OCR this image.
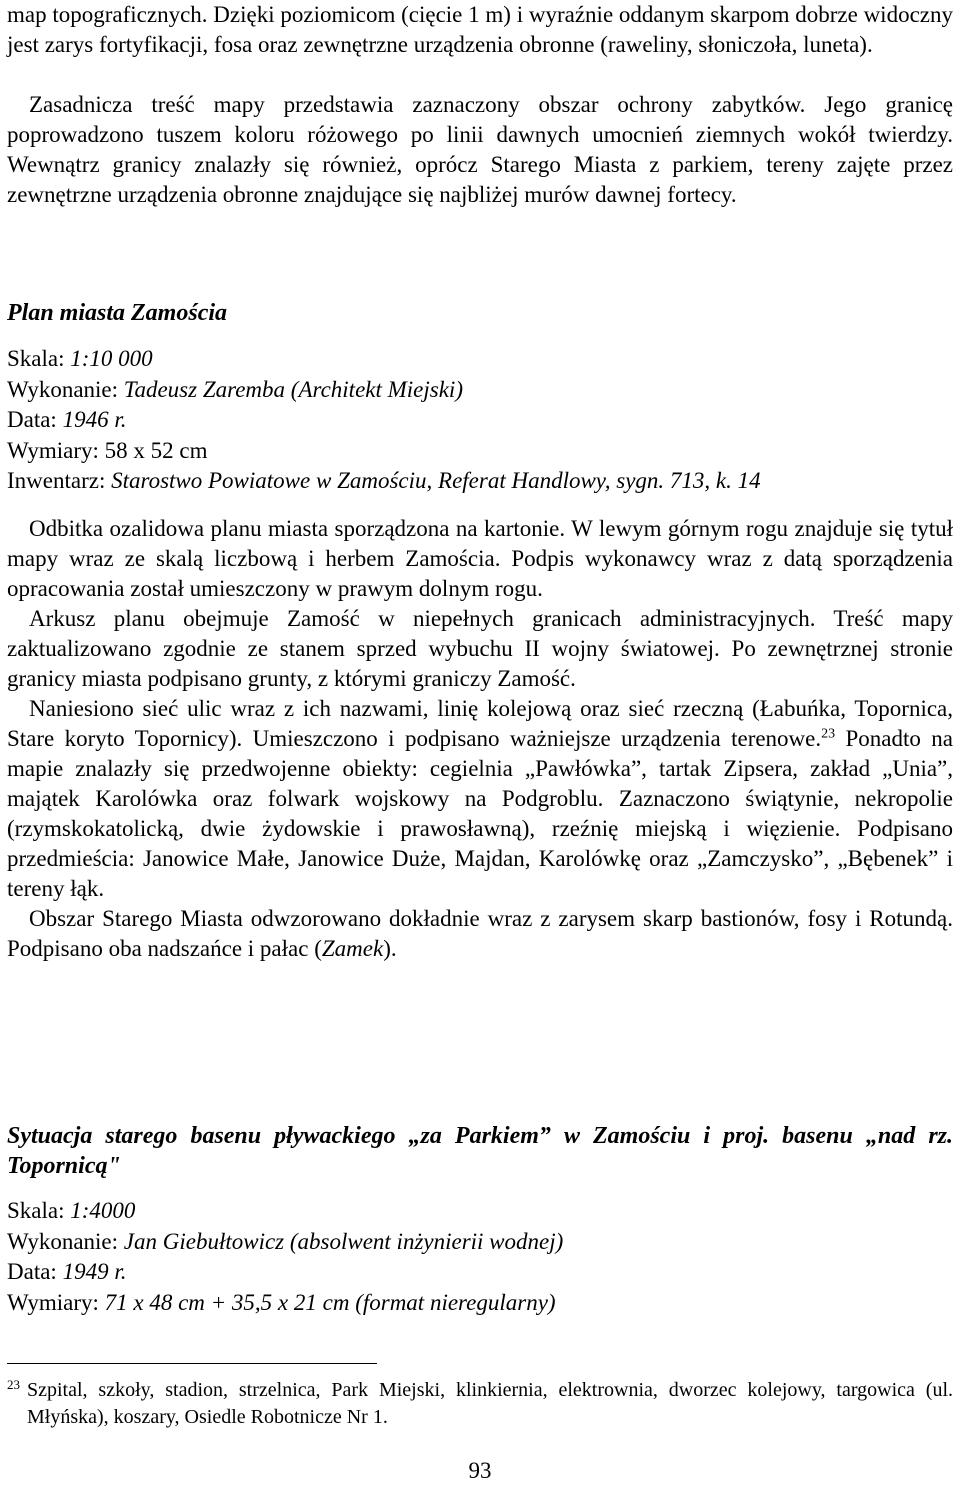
map topograficznych. Dzięki poziomicom (cięcie 1 m) i wyraźnie oddanym skarpom dobrze widoczny jest zarys fortyfikacji, fosa oraz zewnętrzne urządzenia obronne (raweliny, słoniczoła, luneta).

Zasadnicza treść mapy przedstawia zaznaczony obszar ochrony zabytków. Jego granicę poprowadzono tuszem koloru różowego po linii dawnych umocnień ziemnych wokół twierdzy. Wewnątrz granicy znalazły się również, oprócz Starego Miasta z parkiem, tereny zajęte przez zewnętrzne urządzenia obronne znajdujące się najbliżej murów dawnej fortecy.

Plan miasta Zamościa

Skala: 1:10 000

Wykonanie: Tadeusz Zaremba (Architekt Miejski)

Data: 1946 r.

Wymiary: 58 x 52 cm

Inwentarz: Starostwo Powiatowe w Zamościu, Referat Handlowy, sygn. 713, k. 14

Odbitka ozalidowa planu miasta sporządzona na kartonie. W lewym górnym rogu znajduje się tytuł mapy wraz ze skalą liczbową i herbem Zamościa. Podpis wykonawcy wraz z datą sporządzenia opracowania został umieszczony w prawym dolnym rogu.

Arkusz planu obejmuje Zamość w niepełnych granicach administracyjnych. Treść mapy zaktualizowano zgodnie ze stanem sprzed wybuchu II wojny światowej. Po zewnętrznej stronie granicy miasta podpisano grunty, z którymi graniczy Zamość.

Naniesiono sieć ulic wraz z ich nazwami, linię kolejową oraz sieć rzeczną (Łabuńka, Topornica, Stare koryto Topornicy). Umieszczono i podpisano ważniejsze urządzenia terenowe.$^{23}$ Ponadto na mapie znalazły się przedwojenne obiekty: cegielnia „Pawłówka”, tartak Zipsera, zakład „Unia”, majątek Karolówka oraz folwark wojskowy na Podgroblu. Zaznaczono świątynie, nekropolie (rzymskokatolicką, dwie żydowskie i prawosławną), rzeźnię miejską i więzienie. Podpisano przedmieścia: Janowice Małe, Janowice Duże, Majdan, Karolówkę oraz „Zamczysko”, „Bębenek” i tereny łąk.

Obszar Starego Miasta odwzorowano dokładnie wraz z zarysem skarp bastionów, fosy i Rotundą. Podpisano oba nadszańce i pałac (Zamek).

Sytuacja starego basenu pływackiego „za Parkiem” w Zamościu i proj. basenu „nad rz. Topornicą"

Skala: 1:4000

Wykonanie: Jan Giebułtowicz (absolwent inżynierii wodnej)

Data: 1949 r.

Wymiary: 71 x 48 cm + 35,5 x 21 cm (format nieregularny)

23 Szpital, szkoły, stadion, strzelnica, Park Miejski, klinkiernia, elektrownia, dworzec kolejowy, targowica (ul. Młyńska), koszary, Osiedle Robotnicze Nr 1.
93
